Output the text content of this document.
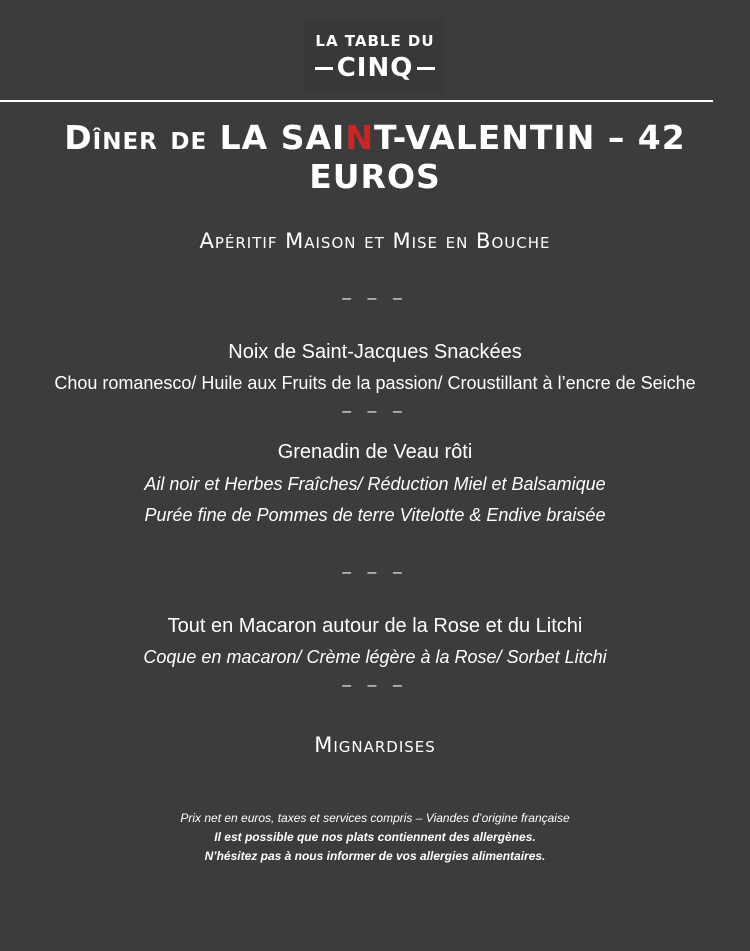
LA TABLE DU
CINQ
Dîner de LA SAINT-VALENTIN – 42 EUROS
Apéritif Maison et Mise en Bouche
– – –
Noix de Saint-Jacques Snackées
Chou romanesco/ Huile aux Fruits de la passion/ Croustillant à l’encre de Seiche
– – –
Grenadin de Veau rôti
Ail noir et Herbes Fraîches/ Réduction Miel et Balsamique
Purée fine de Pommes de terre Vitelotte & Endive braisée
– – –
Tout en Macaron autour de la Rose et du Litchi
Coque en macaron/ Crème légère à la Rose/ Sorbet Litchi
– – –
Mignardises
Prix net en euros, taxes et services compris – Viandes d’origine française
Il est possible que nos plats contiennent des allergènes.
N’hésitez pas à nous informer de vos allergies alimentaires.
